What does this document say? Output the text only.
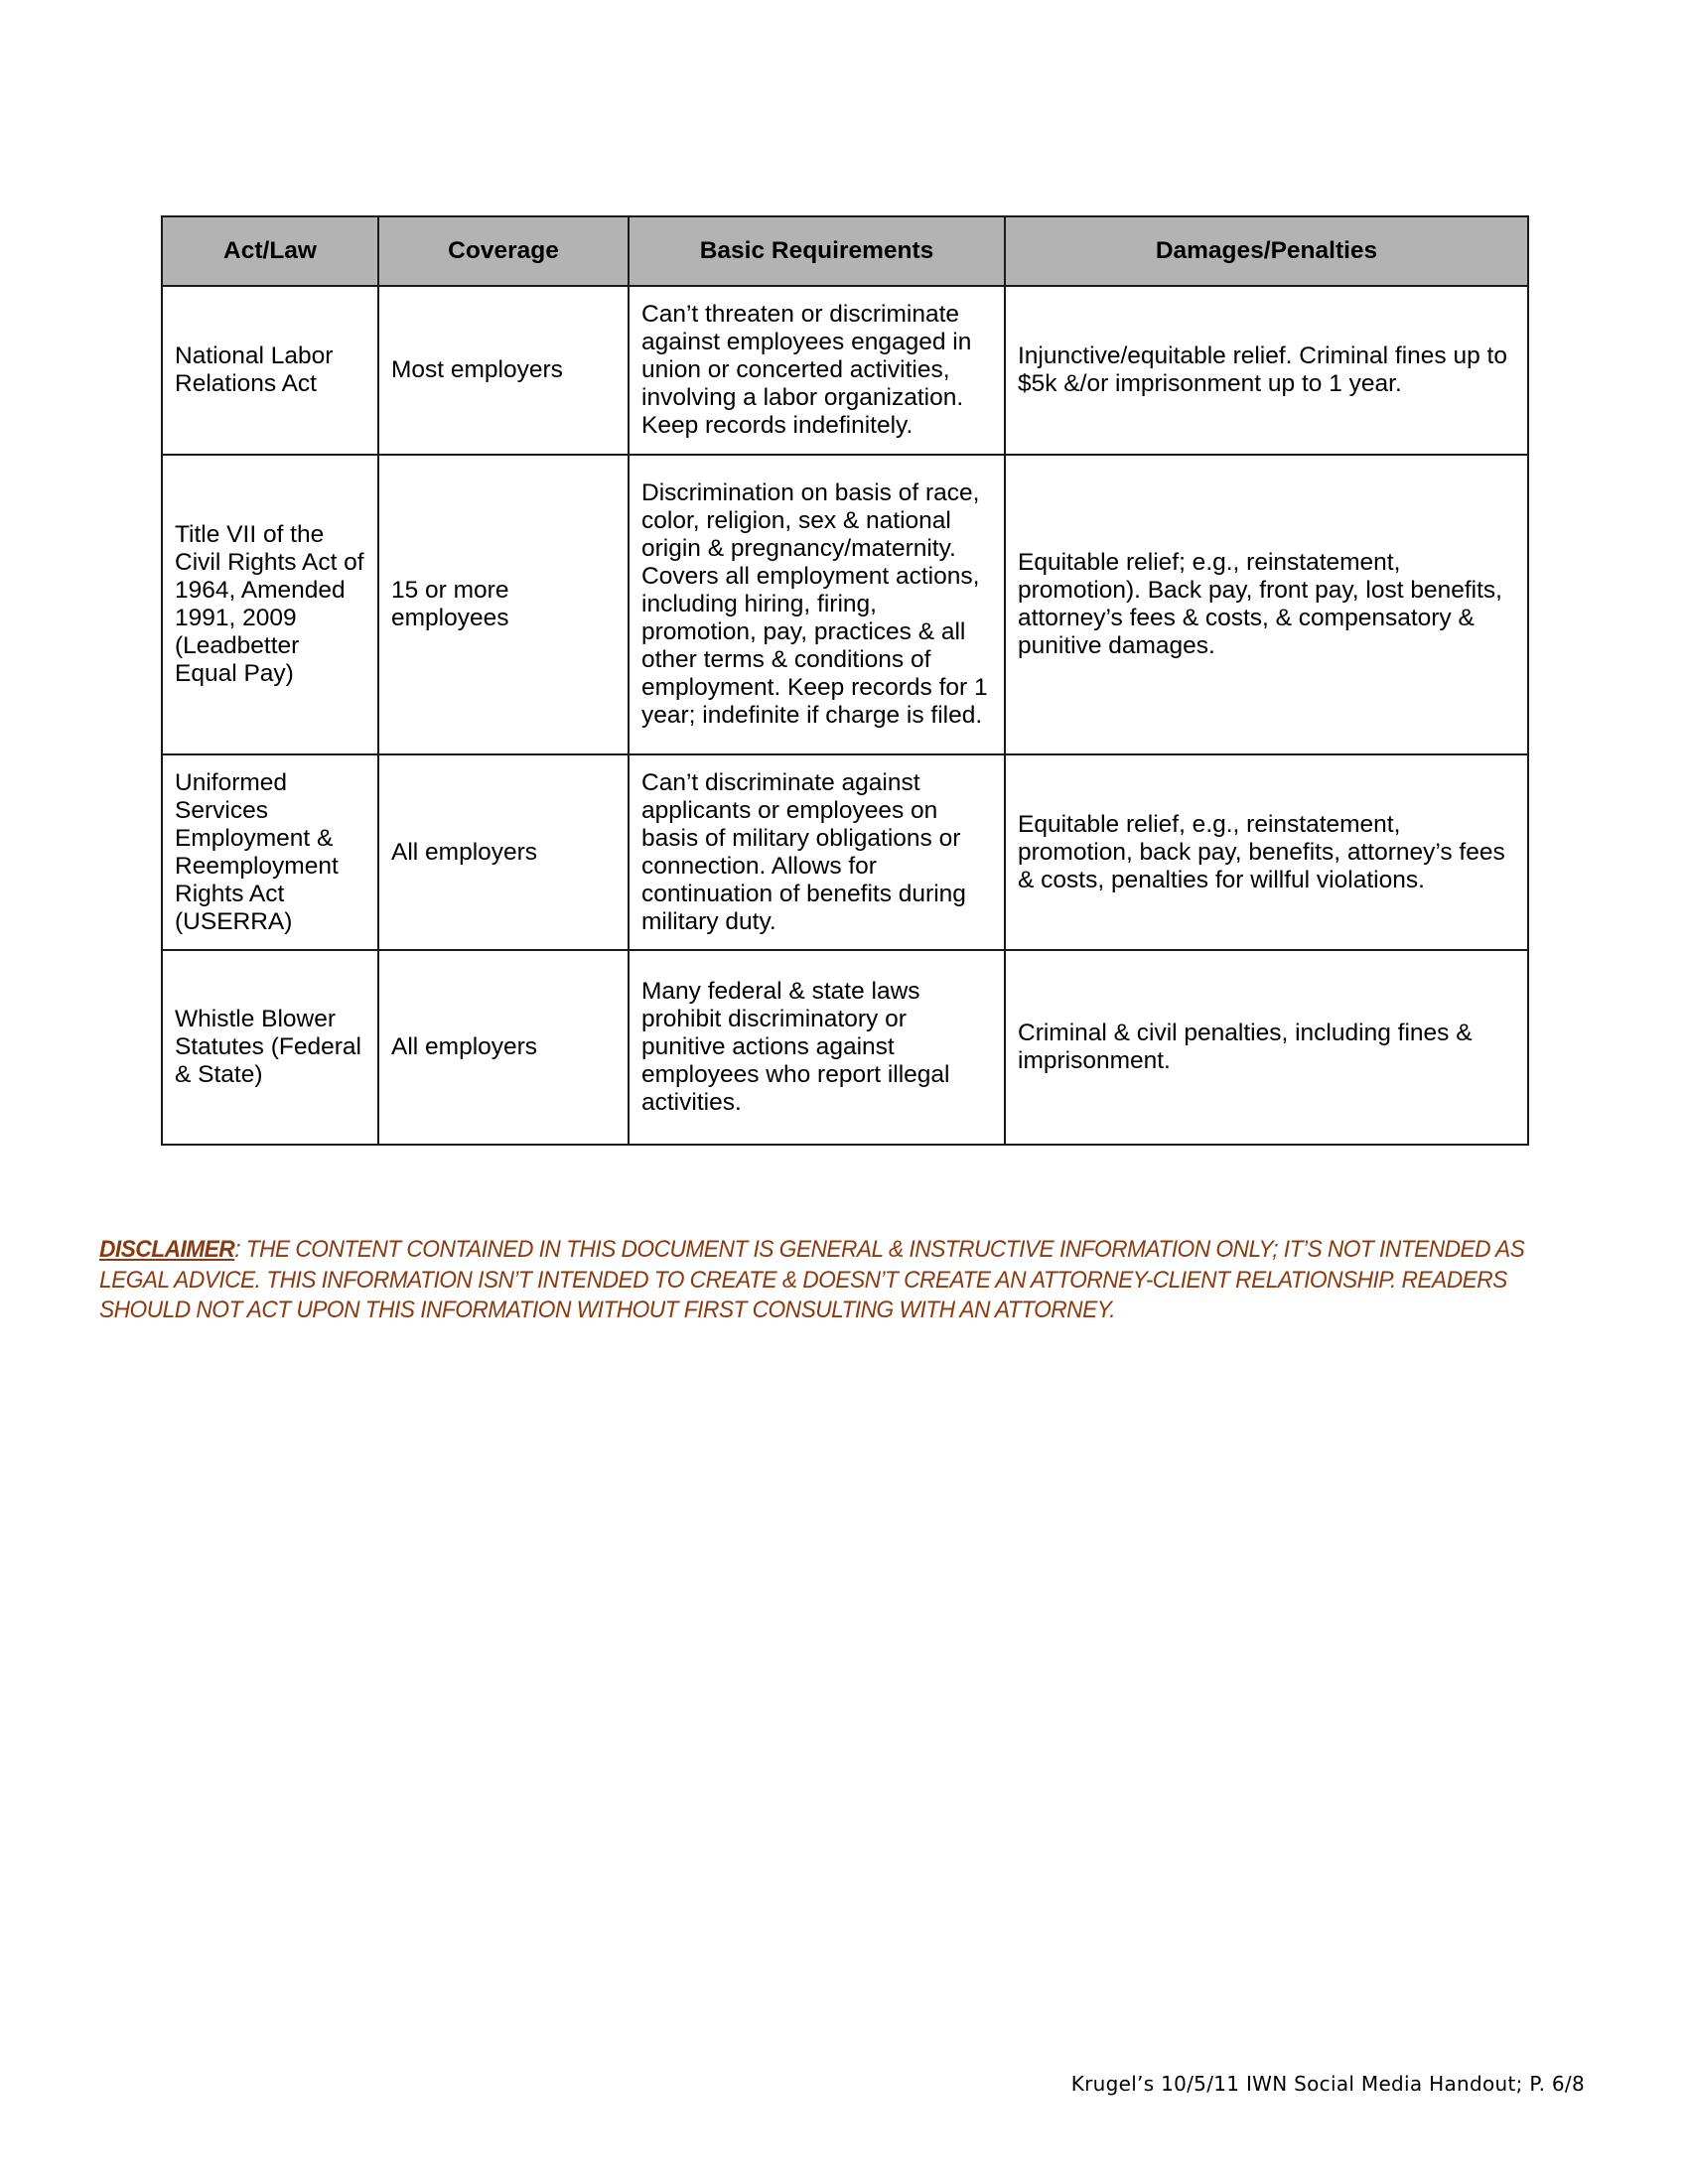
Act/Law	Coverage	Basic Requirements	Damages/Penalties
National Labor Relations Act	Most employers	Can’t threaten or discriminate against employees engaged in union or concerted activities, involving a labor organization. Keep records indefinitely.	Injunctive/equitable relief. Criminal fines up to $5k &/or imprisonment up to 1 year.
Title VII of the Civil Rights Act of 1964, Amended 1991, 2009 (Leadbetter Equal Pay)	15 or more employees	Discrimination on basis of race, color, religion, sex & national origin & pregnancy/maternity. Covers all employment actions, including hiring, firing, promotion, pay, practices & all other terms & conditions of employment. Keep records for 1 year; indefinite if charge is filed.	Equitable relief; e.g., reinstatement, promotion). Back pay, front pay, lost benefits, attorney’s fees & costs, & compensatory & punitive damages.
Uniformed Services Employment & Reemployment Rights Act (USERRA)	All employers	Can’t discriminate against applicants or employees on basis of military obligations or connection. Allows for continuation of benefits during military duty.	Equitable relief, e.g., reinstatement, promotion, back pay, benefits, attorney’s fees & costs, penalties for willful violations.
Whistle Blower Statutes (Federal & State)	All employers	Many federal & state laws prohibit discriminatory or punitive actions against employees who report illegal activities.	Criminal & civil penalties, including fines & imprisonment.
DISCLAIMER: THE CONTENT CONTAINED IN THIS DOCUMENT IS GENERAL & INSTRUCTIVE INFORMATION ONLY; IT’S NOT INTENDED AS LEGAL ADVICE. THIS INFORMATION ISN’T INTENDED TO CREATE & DOESN’T CREATE AN ATTORNEY-CLIENT RELATIONSHIP. READERS SHOULD NOT ACT UPON THIS INFORMATION WITHOUT FIRST CONSULTING WITH AN ATTORNEY.
Krugel’s 10/5/11 IWN Social Media Handout; P. 6/8
